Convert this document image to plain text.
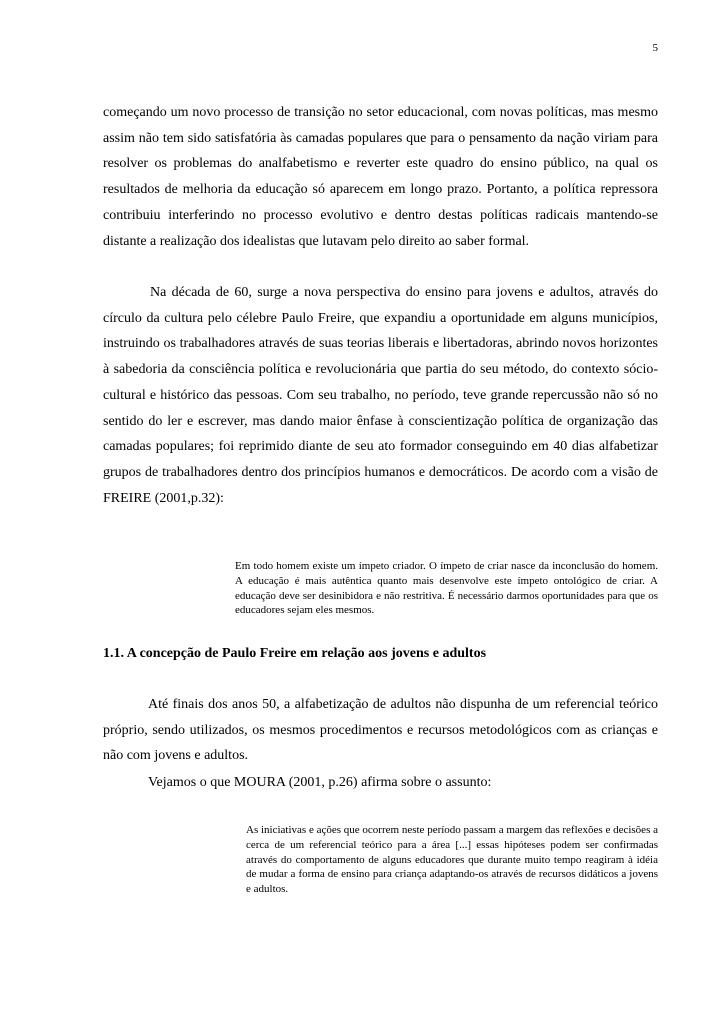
5

começando um novo processo de transição no setor educacional, com novas políticas, mas mesmo assim não tem sido satisfatória às camadas populares que para o pensamento da nação viriam para resolver os problemas do analfabetismo e reverter este quadro do ensino público, na qual os resultados de melhoria da educação só aparecem em longo prazo. Portanto, a política repressora contribuiu interferindo no processo evolutivo e dentro destas políticas radicais mantendo-se distante a realização dos idealistas que lutavam pelo direito ao saber formal.

Na década de 60, surge a nova perspectiva do ensino para jovens e adultos, através do círculo da cultura pelo célebre Paulo Freire, que expandiu a oportunidade em alguns municípios, instruindo os trabalhadores através de suas teorias liberais e libertadoras, abrindo novos horizontes à sabedoria da consciência política e revolucionária que partia do seu método, do contexto sócio-cultural e histórico das pessoas. Com seu trabalho, no período, teve grande repercussão não só no sentido do ler e escrever, mas dando maior ênfase à conscientização política de organização das camadas populares; foi reprimido diante de seu ato formador conseguindo em 40 dias alfabetizar grupos de trabalhadores dentro dos princípios humanos e democráticos. De acordo com a visão de FREIRE (2001,p.32):

Em todo homem existe um ímpeto criador. O ímpeto de criar nasce da inconclusão do homem. A educação é mais autêntica quanto mais desenvolve este ímpeto ontológico de criar. A educação deve ser desinibidora e não restritiva. É necessário darmos oportunidades para que os educadores sejam eles mesmos.

1.1. A concepção de Paulo Freire em relação aos jovens e adultos

Até finais dos anos 50, a alfabetização de adultos não dispunha de um referencial teórico próprio, sendo utilizados, os mesmos procedimentos e recursos metodológicos com as crianças e não com jovens e adultos.

Vejamos o que MOURA (2001, p.26) afirma sobre o assunto:

As iniciativas e ações que ocorrem neste período passam a margem das reflexões e decisões a cerca de um referencial teórico para a área [...] essas hipóteses podem ser confirmadas através do comportamento de alguns educadores que durante muito tempo reagiram à idéia de mudar a forma de ensino para criança adaptando-os através de recursos didáticos a jovens e adultos.
